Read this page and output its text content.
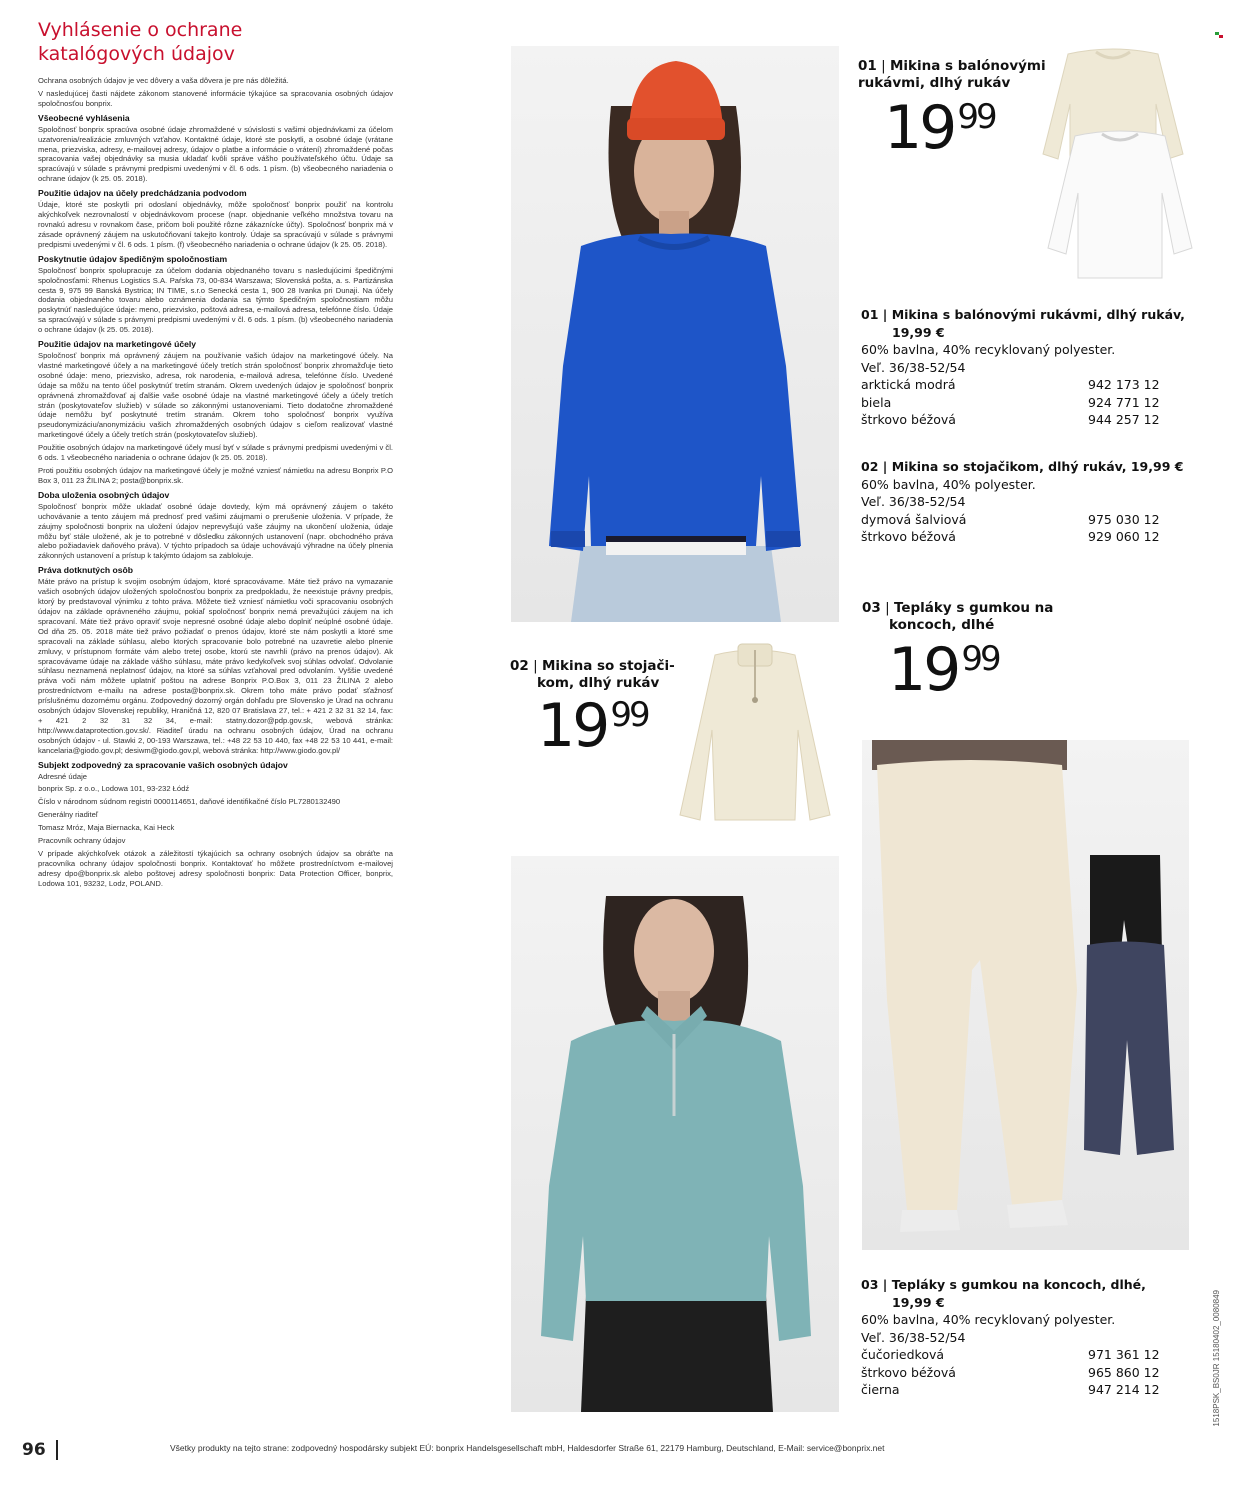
Vyhlásenie o ochrane
katalógových údajov

Ochrana osobných údajov je vec dôvery a vaša dôvera je pre nás dôležitá.

V nasledujúcej časti nájdete zákonom stanovené informácie týkajúce sa spracovania osobných údajov spoločnosťou bonprix.

Všeobecné vyhlásenia

Spoločnosť bonprix spracúva osobné údaje zhromaždené v súvislosti s vašimi objednávkami za účelom uzatvorenia/realizácie zmluvných vzťahov. Kontaktné údaje, ktoré ste poskytli, a osobné údaje (vrátane mena, priezviska, adresy, e-mailovej adresy, údajov o platbe a informácie o vrátení) zhromaždené počas spracovania vašej objednávky sa musia ukladať kvôli správe vášho používateľského účtu. Údaje sa spracúvajú v súlade s právnymi predpismi uvedenými v čl. 6 ods. 1 písm. (b) všeobecného nariadenia o ochrane údajov (k 25. 05. 2018).

Použitie údajov na účely predchádzania podvodom

Údaje, ktoré ste poskytli pri odoslaní objednávky, môže spoločnosť bonprix použiť na kontrolu akýchkoľvek nezrovnalostí v objednávkovom procese (napr. objednanie veľkého množstva tovaru na rovnakú adresu v rovnakom čase, pričom boli použité rôzne zákaznícke účty). Spoločnosť bonprix má v zásade oprávnený záujem na uskutočňovaní takejto kontroly. Údaje sa spracúvajú v súlade s právnymi predpismi uvedenými v čl. 6 ods. 1 písm. (f) všeobecného nariadenia o ochrane údajov (k 25. 05. 2018).

Poskytnutie údajov špedičným spoločnostiam

Spoločnosť bonprix spolupracuje za účelom dodania objednaného tovaru s nasledujúcimi špedičnými spoločnosťami: Rhenus Logistics S.A. Paŕska 73, 00-834 Warszawa; Slovenská pošta, a. s. Partizánska cesta 9, 975 99 Banská Bystrica; IN TIME, s.r.o Senecká cesta 1, 900 28 Ivanka pri Dunaji. Na účely dodania objednaného tovaru alebo oznámenia dodania sa týmto špedičným spoločnostiam môžu poskytnúť nasledujúce údaje: meno, priezvisko, poštová adresa, e-mailová adresa, telefónne číslo. Údaje sa spracúvajú v súlade s právnymi predpismi uvedenými v čl. 6 ods. 1 písm. (b) všeobecného nariadenia o ochrane údajov (k 25. 05. 2018).

Použitie údajov na marketingové účely

Spoločnosť bonprix má oprávnený záujem na používanie vašich údajov na marketingové účely. Na vlastné marketingové účely a na marketingové účely tretích strán spoločnosť bonprix zhromažďuje tieto osobné údaje: meno, priezvisko, adresa, rok narodenia, e-mailová adresa, telefónne číslo. Uvedené údaje sa môžu na tento účel poskytnúť tretím stranám. Okrem uvedených údajov je spoločnosť bonprix oprávnená zhromažďovať aj ďalšie vaše osobné údaje na vlastné marketingové účely a účely tretích strán (poskytovateľov služieb) v súlade so zákonnými ustanoveniami. Tieto dodatočne zhromaždené údaje nemôžu byť poskytnuté tretím stranám. Okrem toho spoločnosť bonprix využíva pseudonymizáciu/anonymizáciu vašich zhromaždených osobných údajov s cieľom realizovať vlastné marketingové účely a účely tretích strán (poskytovateľov služieb).

Použitie osobných údajov na marketingové účely musí byť v súlade s právnymi predpismi uvedenými v čl. 6 ods. 1 všeobecného nariadenia o ochrane údajov (k 25. 05. 2018).

Proti použitiu osobných údajov na marketingové účely je možné vzniesť námietku na adresu Bonprix P.O Box 3, 011 23 ŽILINA 2; posta@bonprix.sk.

Doba uloženia osobných údajov

Spoločnosť bonprix môže ukladať osobné údaje dovtedy, kým má oprávnený záujem o takéto uchovávanie a tento záujem má prednosť pred vašimi záujmami o prerušenie uloženia. V prípade, že záujmy spoločnosti bonprix na uložení údajov neprevyšujú vaše záujmy na ukončení uloženia, údaje môžu byť stále uložené, ak je to potrebné v dôsledku zákonných ustanovení (napr. obchodného práva alebo požiadaviek daňového práva). V týchto prípadoch sa údaje uchovávajú výhradne na účely plnenia zákonných ustanovení a prístup k takýmto údajom sa zablokuje.

Práva dotknutých osôb

Máte právo na prístup k svojim osobným údajom, ktoré spracovávame. Máte tiež právo na vymazanie vašich osobných údajov uložených spoločnosťou bonprix za predpokladu, že neexistuje právny predpis, ktorý by predstavoval výnimku z tohto práva. Môžete tiež vzniesť námietku voči spracovaniu osobných údajov na základe oprávneného záujmu, pokiaľ spoločnosť bonprix nemá prevažujúci záujem na ich spracovaní. Máte tiež právo opraviť svoje nepresné osobné údaje alebo doplniť neúplné osobné údaje. Od dňa 25. 05. 2018 máte tiež právo požiadať o prenos údajov, ktoré ste nám poskytli a ktoré sme spracovali na základe súhlasu, alebo ktorých spracovanie bolo potrebné na uzavretie alebo plnenie zmluvy, v prístupnom formáte vám alebo tretej osobe, ktorú ste navrhli (právo na prenos údajov). Ak spracovávame údaje na základe vášho súhlasu, máte právo kedykoľvek svoj súhlas odvolať. Odvolanie súhlasu neznamená neplatnosť údajov, na ktoré sa súhlas vzťahoval pred odvolaním. Vyššie uvedené práva voči nám môžete uplatniť poštou na adrese Bonprix P.O.Box 3, 011 23 ŽILINA 2 alebo prostredníctvom e-mailu na adrese posta@bonprix.sk. Okrem toho máte právo podať sťažnosť príslušnému dozornému orgánu. Zodpovedný dozorný orgán dohľadu pre Slovensko je Úrad na ochranu osobných údajov Slovenskej republiky, Hraničná 12, 820 07 Bratislava 27, tel.: + 421 2 32 31 32 14, fax: + 421 2 32 31 32 34, e-mail: statny.dozor@pdp.gov.sk, webová stránka: http://www.dataprotection.gov.sk/. Riaditeľ úradu na ochranu osobných údajov, Úrad na ochranu osobných údajov - ul. Stawki 2, 00-193 Warszawa, tel.: +48 22 53 10 440, fax +48 22 53 10 441, e-mail: kancelaria@giodo.gov.pl; desiwm@giodo.gov.pl, webová stránka: http://www.giodo.gov.pl/

Subjekt zodpovedný za spracovanie vašich osobných údajov

Adresné údaje

bonprix Sp. z o.o., Lodowa 101, 93-232 Łódź

Číslo v národnom súdnom registri 0000114651, daňové identifikačné číslo PL7280132490

Generálny riaditeľ

Tomasz Mróz, Maja Biernacka, Kai Heck

Pracovník ochrany údajov

V prípade akýchkoľvek otázok a záležitostí týkajúcich sa ochrany osobných údajov sa obráťte na pracovníka ochrany údajov spoločnosti bonprix. Kontaktovať ho môžete prostredníctvom e-mailovej adresy dpo@bonprix.sk alebo poštovej adresy spoločnosti bonprix: Data Protection Officer, bonprix, Lodowa 101, 93232, Lodz, POLAND.

01 | Mikina s balónovými rukávmi, dlhý rukáv
1999
01 | Mikina s balónovými rukávmi, dlhý rukáv,
19,99 €
60% bavlna, 40% recyklovaný polyester.
Veľ. 36/38-52/54
arktická modrá	942 173 12
biela	924 771 12
štrkovo béžová	944 257 12
02 | Mikina so stojačikom, dlhý rukáv, 19,99 €
60% bavlna, 40% polyester.
Veľ. 36/38-52/54
dymová šalviová	975 030 12
štrkovo béžová	929 060 12
03 | Tepláky s gumkou na
koncoch, dlhé
1999
02 | Mikina so stojači-
kom, dlhý rukáv
1999
03 | Tepláky s gumkou na koncoch, dlhé,
19,99 €
60% bavlna, 40% recyklovaný polyester.
Veľ. 36/38-52/54
čučoriedková	971 361 12
štrkovo béžová	965 860 12
čierna	947 214 12
96	Všetky produkty na tejto strane: zodpovedný hospodársky subjekt EÚ: bonprix Handelsgesellschaft mbH, Haldesdorfer Straße 61, 22179 Hamburg, Deutschland, E-Mail: service@bonprix.net
1518PSK_BS0JR 15180402_0080849
